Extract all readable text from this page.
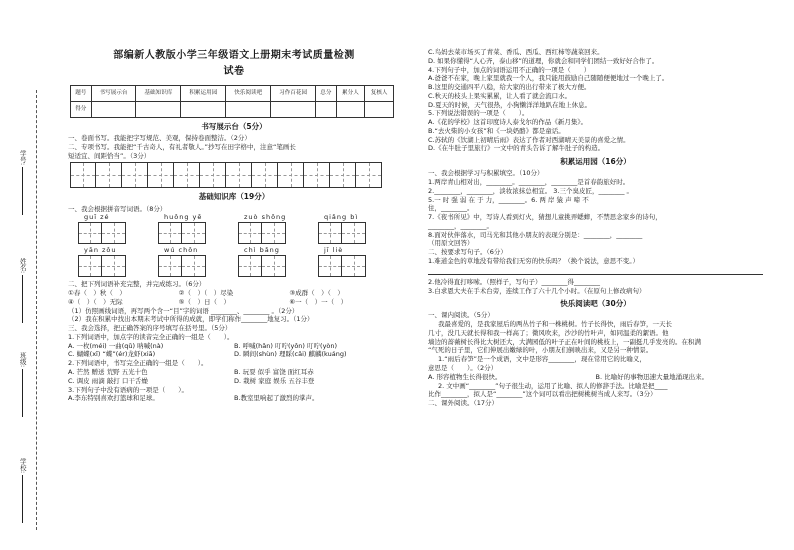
学号:
姓名:
班级:
学校:
部编新人教版小学三年级语文上册期末考试质量检测
试卷
题号	书写展示台	基础知识库	积累运用园	快乐阅读吧	习作百花园	总分	累分人	复核人
得分								
书写展示台（5分）
一、卷面书写。我能把字写规范、美观，保持卷面整洁。（2分）
二、专项书写。我能把“千古奇人，有礼者敬人。”抄写在田字格中，注意“笔画长
短适宜、间距恰当”。（3分）
基础知识库（19分）
一、我会根据拼音写词语。（8分）
guī zé	huǒng yē	zuò shōng	qiǎng bì
yān zǒu	wú chǒn	chì bǎng	jī liè
二、把下列词语补充完整，并完成练习。（6分）
①春（　）秋（　）	②（　）（　）尽染	③成群（　）（　）
④（　）（　）无际	⑤（　）日（　）	⑥一（　）一（　）
（1）仿照画线词语，再写两个含一“目”字的词语 ________、________ 。（2分）
（2）我在积累中找出本期末考试中所得的成就，即学们称作________地复习。（1分）
三、我会选择，把正确答案的序号填写在括号里。（5分）
1.下列词语中，加点字的读音完全正确的一组是（　　）。
A. 一枚(méi) 一曲(qǔ) 呐喊(nà)	B. 呼喊(hǎn) 叮咛(yǒn) 叮咛(yòn)
C. 蝴蝶(xī) “蝶”(ér)龙虾(xiā)	D. 瞬间(shùn) 理睬(cǎi) 麒麟(kuáng)
2.下列词语中，书写完全正确的一组是（　　）。
A. 芒然 赠送 荒野 五光十色	B. 玩耍 似乎 富饶 面红耳赤
C. 调皮 雨滴 敲打 口干舌燥	D. 栽树 家庭 娱乐 五谷丰登
3.下列句子中没有语病的一项是（　　）。
A.李东特别喜欢打篮球和足球。	B.教室里响起了激烈的掌声。
C.鸟妈去菜市场买了青菜、香瓜、西瓜、西红柿等蔬菜回来。
D. 如果你懂得“人心齐，泰山移”的道理，你就会和同学们团结一致好好合作了。
4.下列句子中，加点的词语运用不正确的一项是（　　）
A.爸爸不在家，晚上家里就我一个人，我只能用鼓励自己随随便便地过一个晚上了。
B.这里的交通四平八稳，给大家的出行带来了极大方便。
C.秋天的枝头上果实累累，让人看了就会流口水。
D.夏天的时候，天气很热，小狗懒洋洋地趴在地上休息。
5.下列说法错误的一项是（　　）。
A.《花的学校》这首印度诗人泰戈尔的作品《新月集》。
B.“去火柴的小女孩”和《一块奶酪》都是童话。
C.苏轼的《饮湖上初晴后雨》表达了作者对西湖晴天美景的喜爱之情。
D.《在牛肚子里旅行》一文中的青头告诉了解牛肚子的构造。
积累运用园（16分）
一、我会根据学习与积累填空。（10分）
1.两岸青山相对出，________。________，________是首春韵旅好时。
2.________，________，淡妆浓抹总相宜。 3.三个臭皮匠，________ 。
5.一 时 强 弱 在 于 力，________。6. 两 岸 猿 声 啼 不
住，________。
7.《夜书所见》中，写诗人看到灯火，猜想儿童挑弄蟋蟀，不禁思念家乡的诗句，
________，________。
8.面对伙伴落水，司马光和其他小朋友的表现分别是：________，________
（用原文回答）
二、按要求写句子。（6分）
1.难道金色的草地没有带给我们无穷的快乐吗？（换个说法，意思不变。）
2.他冷得直打哆嗦。（照样子，写句子）________得________
3.白求恩大夫在手术台旁，连续工作了六十几个小时。（在原句上修改病句）
快乐阅读吧（30分）
一、课内阅读。（5分）
我最喜爱的，是我家屋后的两丛竹子和一株桃树。竹子长得快，雨后春笋，一天长
几寸，没几天就长得和我一样高了；微风吹来，沙沙的竹叶声，如同温柔的絮语。他
墙边的蔷薇树长得比大树还大，大满园低的叶子正在叶间的桃枝上，一副挺几乎发亮的。在积满
“气死的日子里，它们伸展出嫩绿的叶，小朋友们倒映出来，又是另一种情景。
1.“雨后春笋”是一个成语，文中是形容________，现在常用它的比喻义，
意思是（　　）。（2分）
A. 形容植物生长得很快。	B. 比喻好的事物迅速大量地涌现出来。
2. 文中画“________”句子很生动，运用了比喻、拟人的修辞手法。比喻是把____
比作________，拟人是“________”这个词可以看出把树桃树当成人来写。（3分）
二、课外阅读。（17分）
